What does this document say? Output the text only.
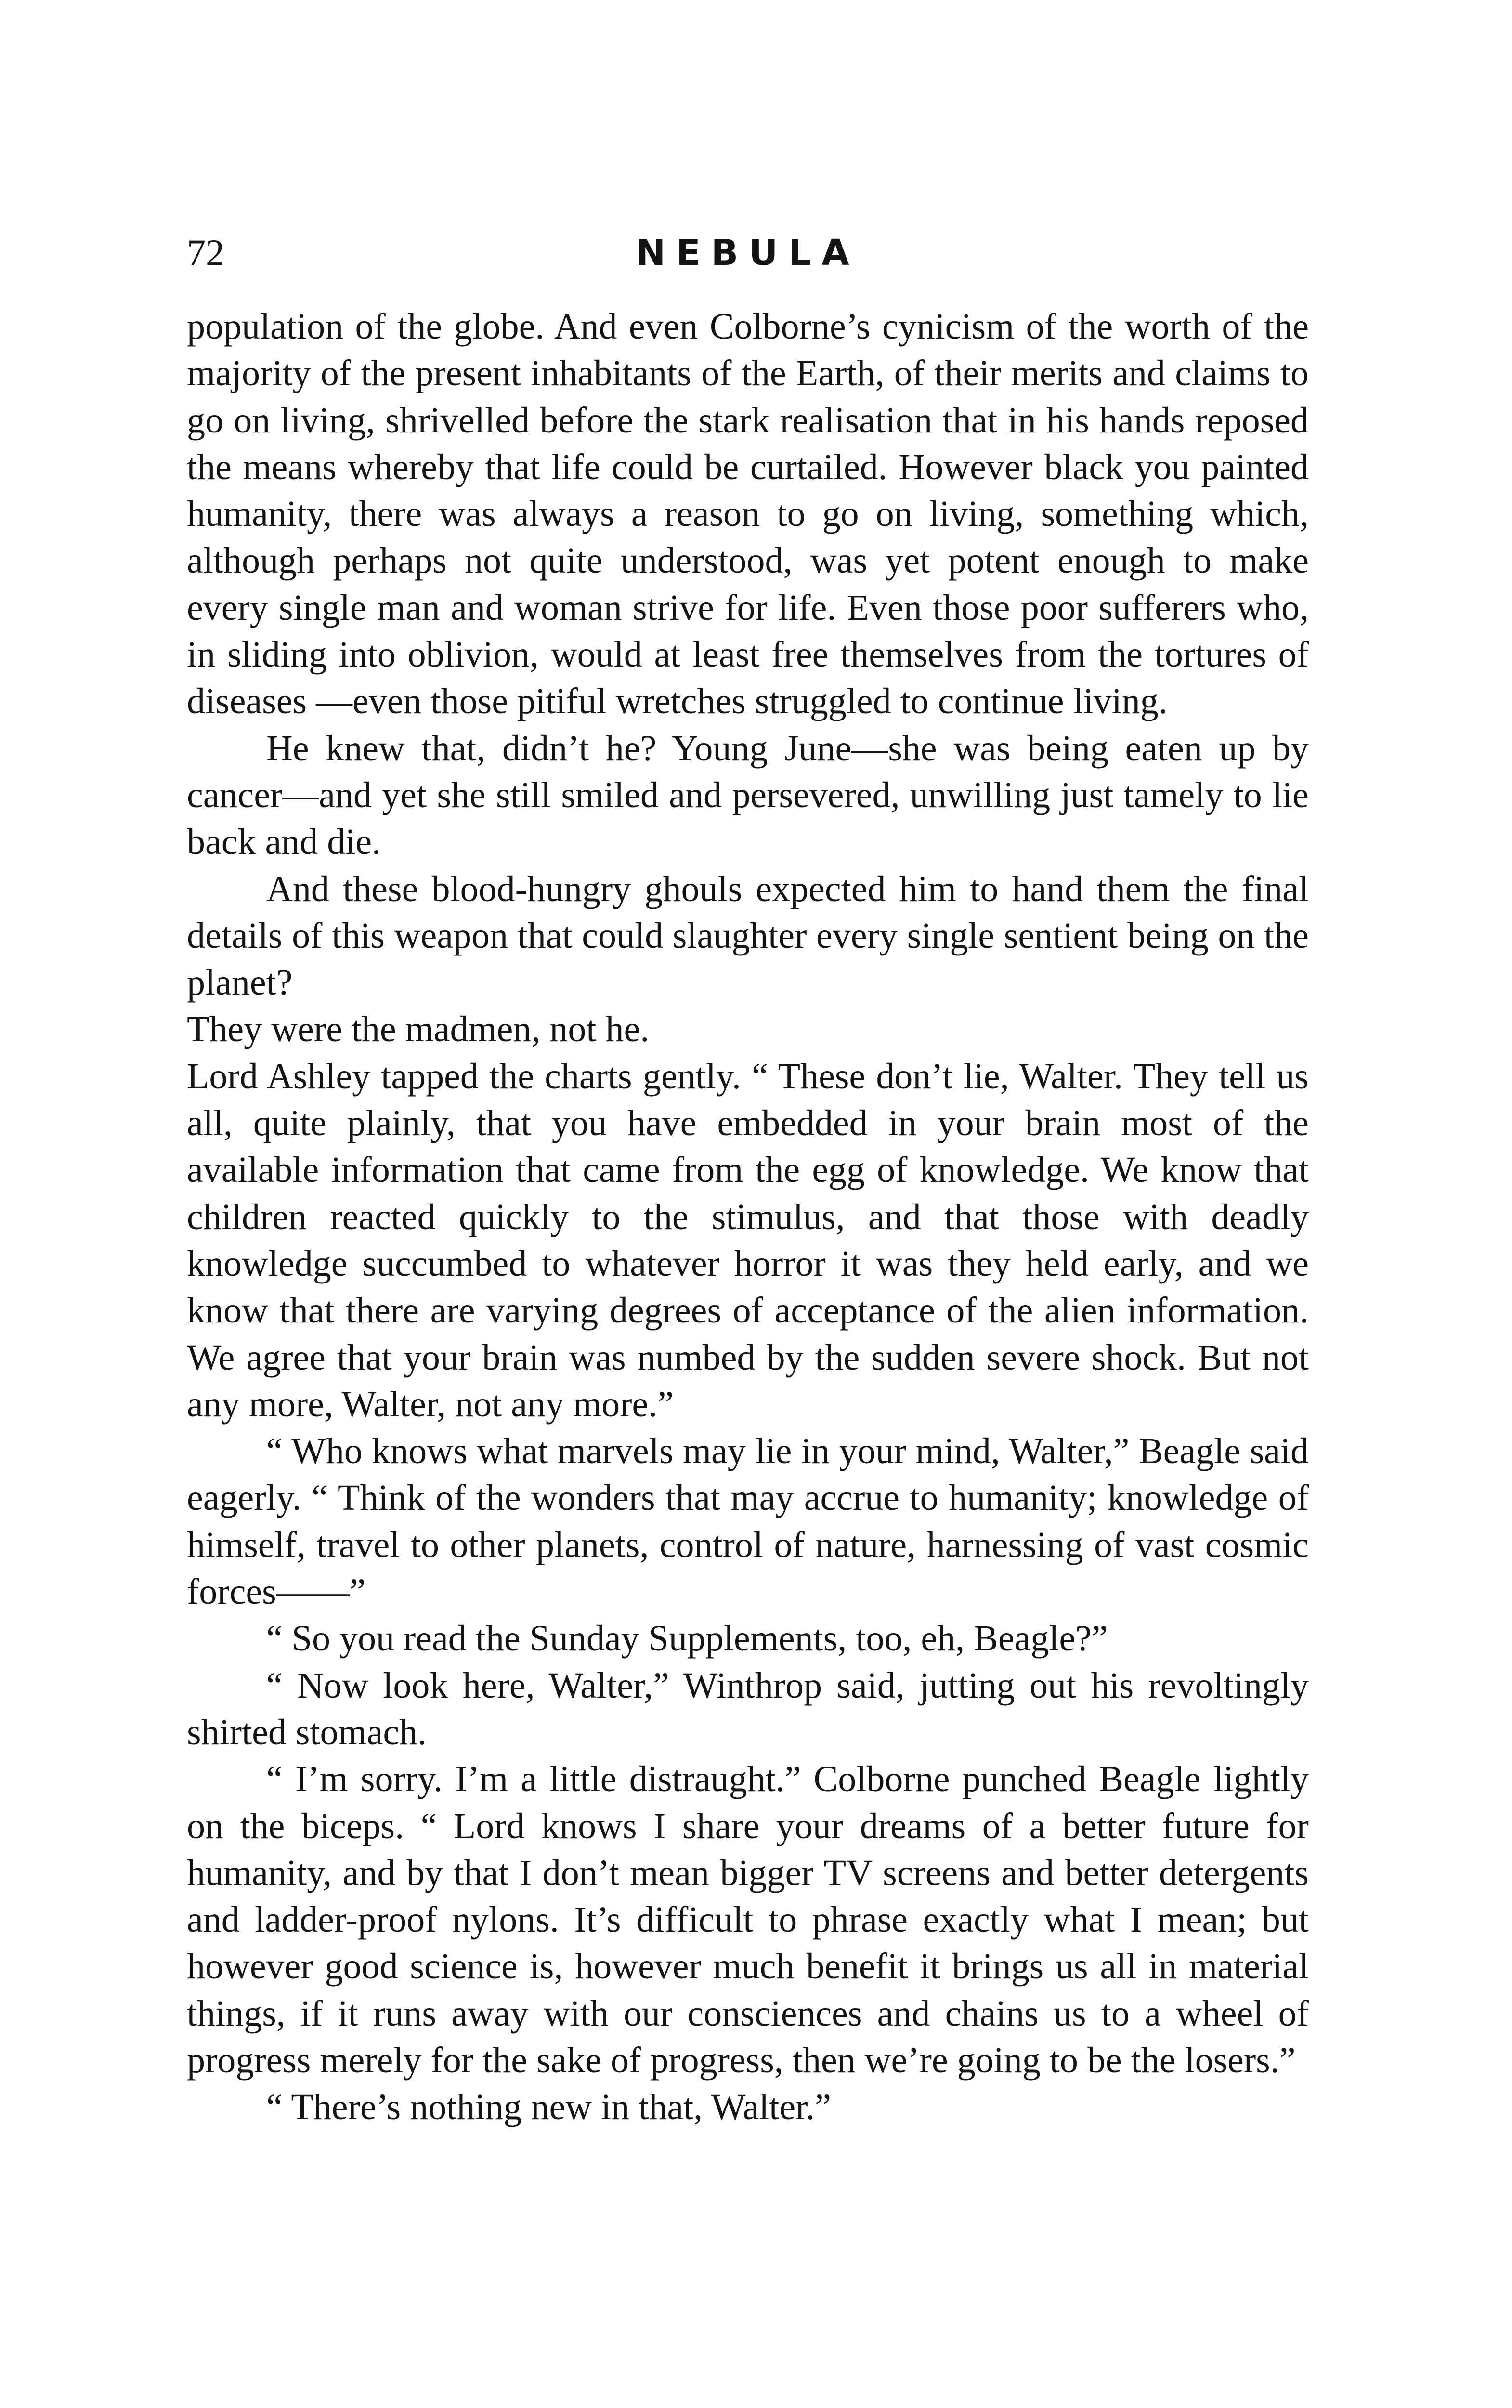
72	NEBULA

population of the globe. And even Colborne’s cynicism of the worth of the majority of the present inhabitants of the Earth, of their merits and claims to go on living, shrivelled before the stark realisation that in his hands reposed the means whereby that life could be curtailed. However black you painted humanity, there was always a reason to go on living, something which, although perhaps not quite understood, was yet potent enough to make every single man and woman strive for life. Even those poor sufferers who, in sliding into oblivion, would at least free themselves from the tortures of diseases —even those pitiful wretches struggled to continue living.

He knew that, didn’t he? Young June—she was being eaten up by cancer—and yet she still smiled and persevered, unwilling just tamely to lie back and die.

And these blood-hungry ghouls expected him to hand them the final details of this weapon that could slaughter every single sentient being on the planet?

They were the madmen, not he.

Lord Ashley tapped the charts gently. “ These don’t lie, Walter. They tell us all, quite plainly, that you have embedded in your brain most of the available information that came from the egg of knowledge. We know that children reacted quickly to the stimulus, and that those with deadly knowledge succumbed to whatever horror it was they held early, and we know that there are varying degrees of acceptance of the alien information. We agree that your brain was numbed by the sudden severe shock. But not any more, Walter, not any more.”

“ Who knows what marvels may lie in your mind, Walter,” Beagle said eagerly. “ Think of the wonders that may accrue to humanity; knowledge of himself, travel to other planets, control of nature, harnessing of vast cosmic forces——”

“ So you read the Sunday Supplements, too, eh, Beagle?”

“ Now look here, Walter,” Winthrop said, jutting out his revoltingly shirted stomach.

“ I’m sorry. I’m a little distraught.” Colborne punched Beagle lightly on the biceps. “ Lord knows I share your dreams of a better future for humanity, and by that I don’t mean bigger TV screens and better detergents and ladder-proof nylons. It’s difficult to phrase exactly what I mean; but however good science is, however much benefit it brings us all in material things, if it runs away with our consciences and chains us to a wheel of progress merely for the sake of progress, then we’re going to be the losers.”

“ There’s nothing new in that, Walter.”
